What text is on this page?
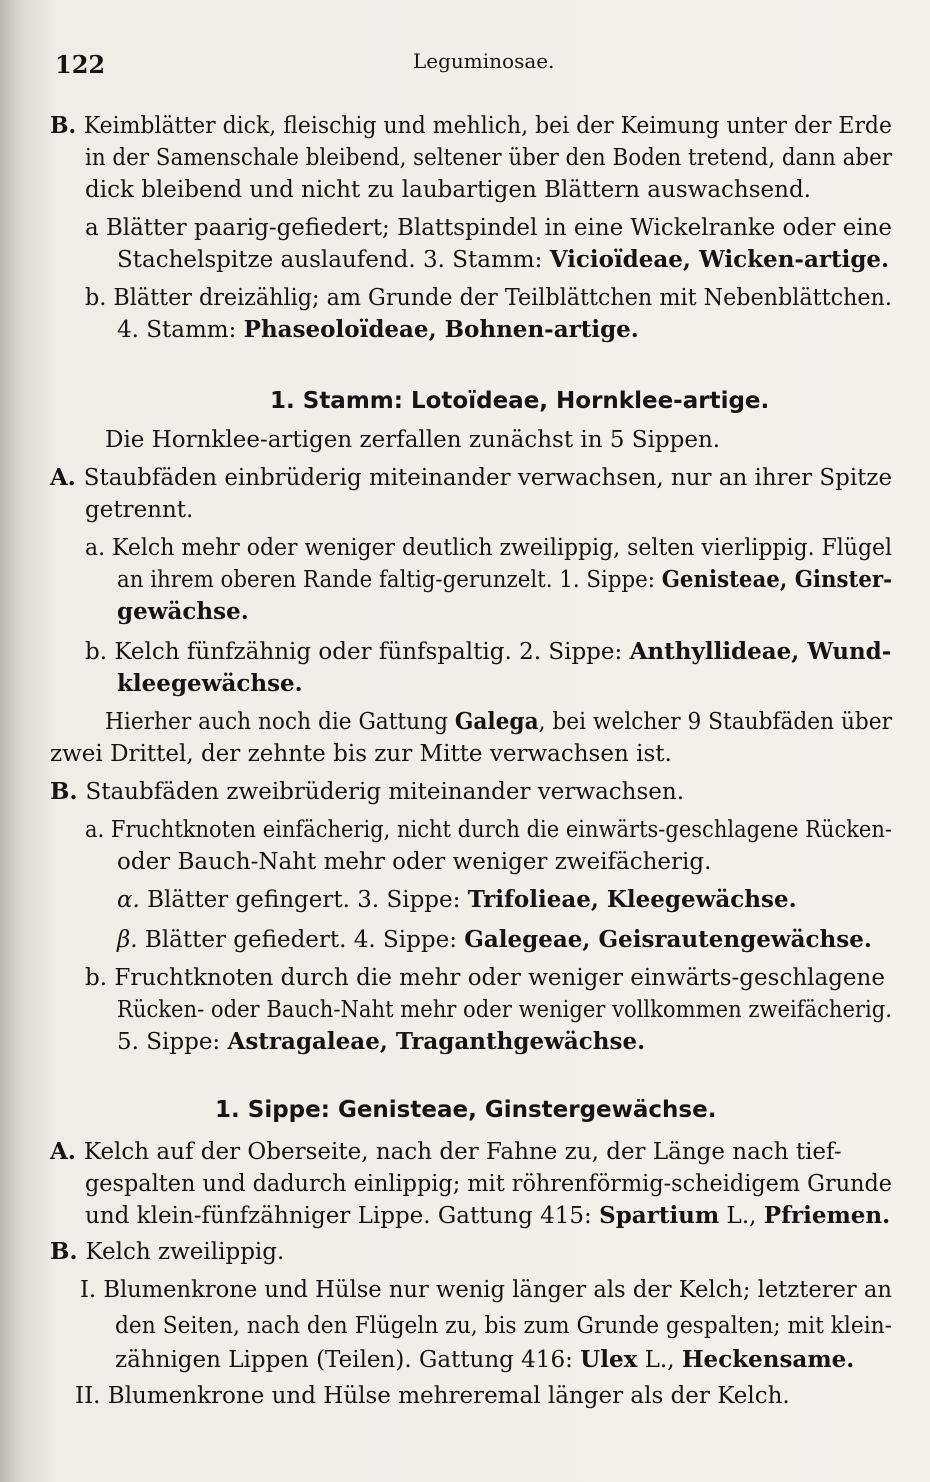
122	Leguminosae.
B. Keimblätter dick, fleischig und mehlich, bei der Keimung unter der Erde
in der Samenschale bleibend, seltener über den Boden tretend, dann aber
dick bleibend und nicht zu laubartigen Blättern auswachsend.
a Blätter paarig-gefiedert; Blattspindel in eine Wickelranke oder eine
Stachelspitze auslaufend. 3. Stamm: Vicioïdeae, Wicken-artige.
b. Blätter dreizählig; am Grunde der Teilblättchen mit Nebenblättchen.
4. Stamm: Phaseoloïdeae, Bohnen-artige.
1. Stamm: Lotoïdeae, Hornklee-artige.
Die Hornklee-artigen zerfallen zunächst in 5 Sippen.
A. Staubfäden einbrüderig miteinander verwachsen, nur an ihrer Spitze
getrennt.
a. Kelch mehr oder weniger deutlich zweilippig, selten vierlippig. Flügel
an ihrem oberen Rande faltig-gerunzelt. 1. Sippe: Genisteae, Ginster-
gewächse.
b. Kelch fünfzähnig oder fünfspaltig. 2. Sippe: Anthyllideae, Wund-
kleegewächse.
Hierher auch noch die Gattung Galega, bei welcher 9 Staubfäden über
zwei Drittel, der zehnte bis zur Mitte verwachsen ist.
B. Staubfäden zweibrüderig miteinander verwachsen.
a. Fruchtknoten einfächerig, nicht durch die einwärts-geschlagene Rücken-
oder Bauch-Naht mehr oder weniger zweifächerig.
α. Blätter gefingert. 3. Sippe: Trifolieae, Kleegewächse.
β. Blätter gefiedert. 4. Sippe: Galegeae, Geisrautengewächse.
b. Fruchtknoten durch die mehr oder weniger einwärts-geschlagene
Rücken- oder Bauch-Naht mehr oder weniger vollkommen zweifächerig.
5. Sippe: Astragaleae, Traganthgewächse.
1. Sippe: Genisteae, Ginstergewächse.
A. Kelch auf der Oberseite, nach der Fahne zu, der Länge nach tief-
gespalten und dadurch einlippig; mit röhrenförmig-scheidigem Grunde
und klein-fünfzähniger Lippe. Gattung 415: Spartium L., Pfriemen.
B. Kelch zweilippig.
I. Blumenkrone und Hülse nur wenig länger als der Kelch; letzterer an
den Seiten, nach den Flügeln zu, bis zum Grunde gespalten; mit klein-
zähnigen Lippen (Teilen). Gattung 416: Ulex L., Heckensame.
II. Blumenkrone und Hülse mehreremal länger als der Kelch.
